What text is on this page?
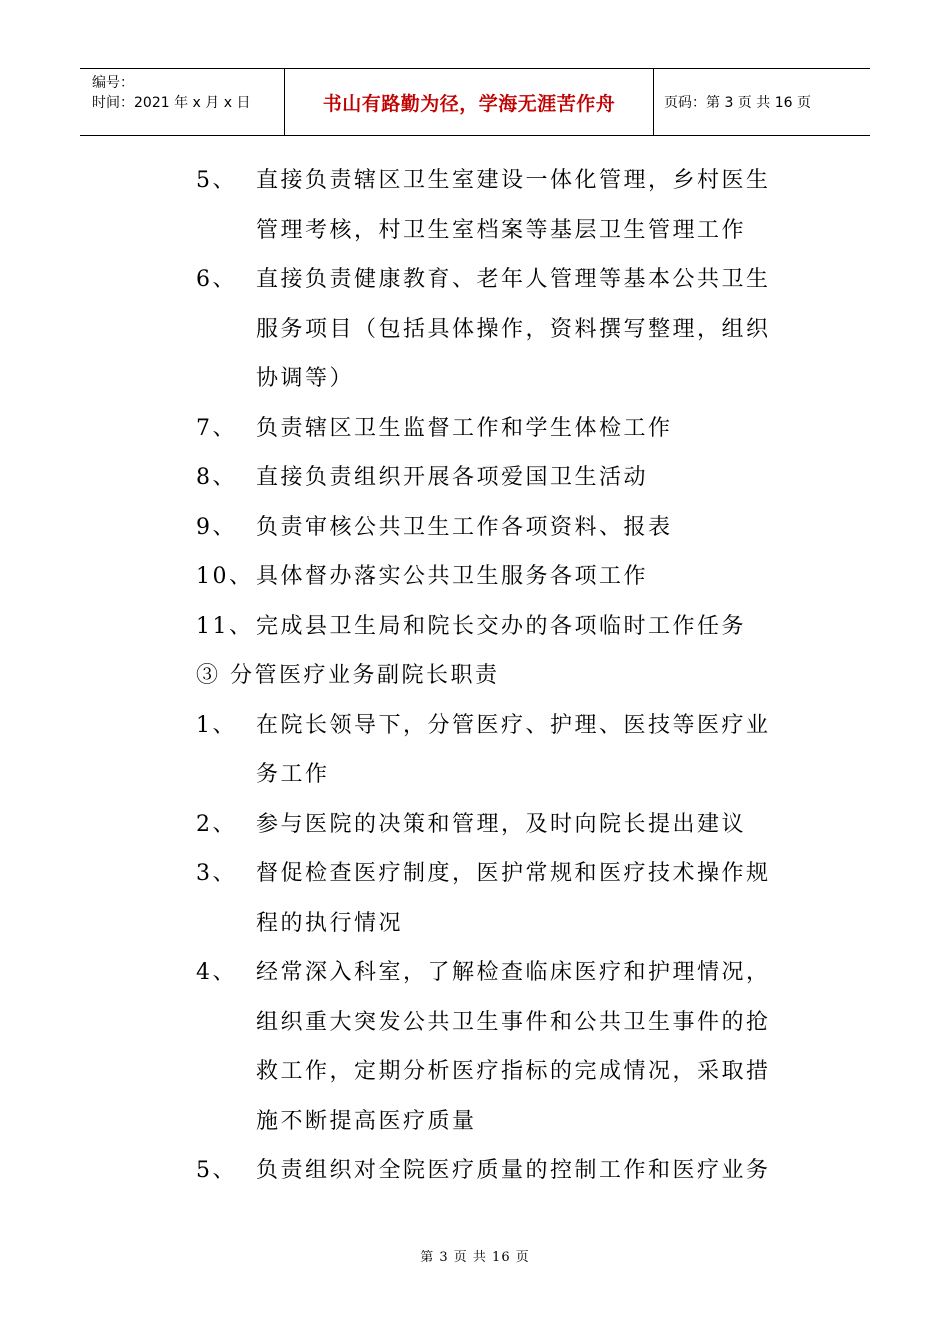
编号：
时间：2021 年 x 月 x 日	书山有路勤为径，学海无涯苦作舟	页码：第 3 页 共 16 页
5、 直接负责辖区卫生室建设一体化管理，乡村医生
管理考核，村卫生室档案等基层卫生管理工作
6、 直接负责健康教育、老年人管理等基本公共卫生
服务项目（包括具体操作，资料撰写整理，组织
协调等）
7、 负责辖区卫生监督工作和学生体检工作
8、 直接负责组织开展各项爱国卫生活动
9、 负责审核公共卫生工作各项资料、报表
10、 具体督办落实公共卫生服务各项工作
11、 完成县卫生局和院长交办的各项临时工作任务
③ 分管医疗业务副院长职责
1、 在院长领导下，分管医疗、护理、医技等医疗业
务工作
2、 参与医院的决策和管理，及时向院长提出建议
3、 督促检查医疗制度，医护常规和医疗技术操作规
程的执行情况
4、 经常深入科室，了解检查临床医疗和护理情况，
组织重大突发公共卫生事件和公共卫生事件的抢
救工作，定期分析医疗指标的完成情况，采取措
施不断提高医疗质量
5、 负责组织对全院医疗质量的控制工作和医疗业务
第 3 页 共 16 页
